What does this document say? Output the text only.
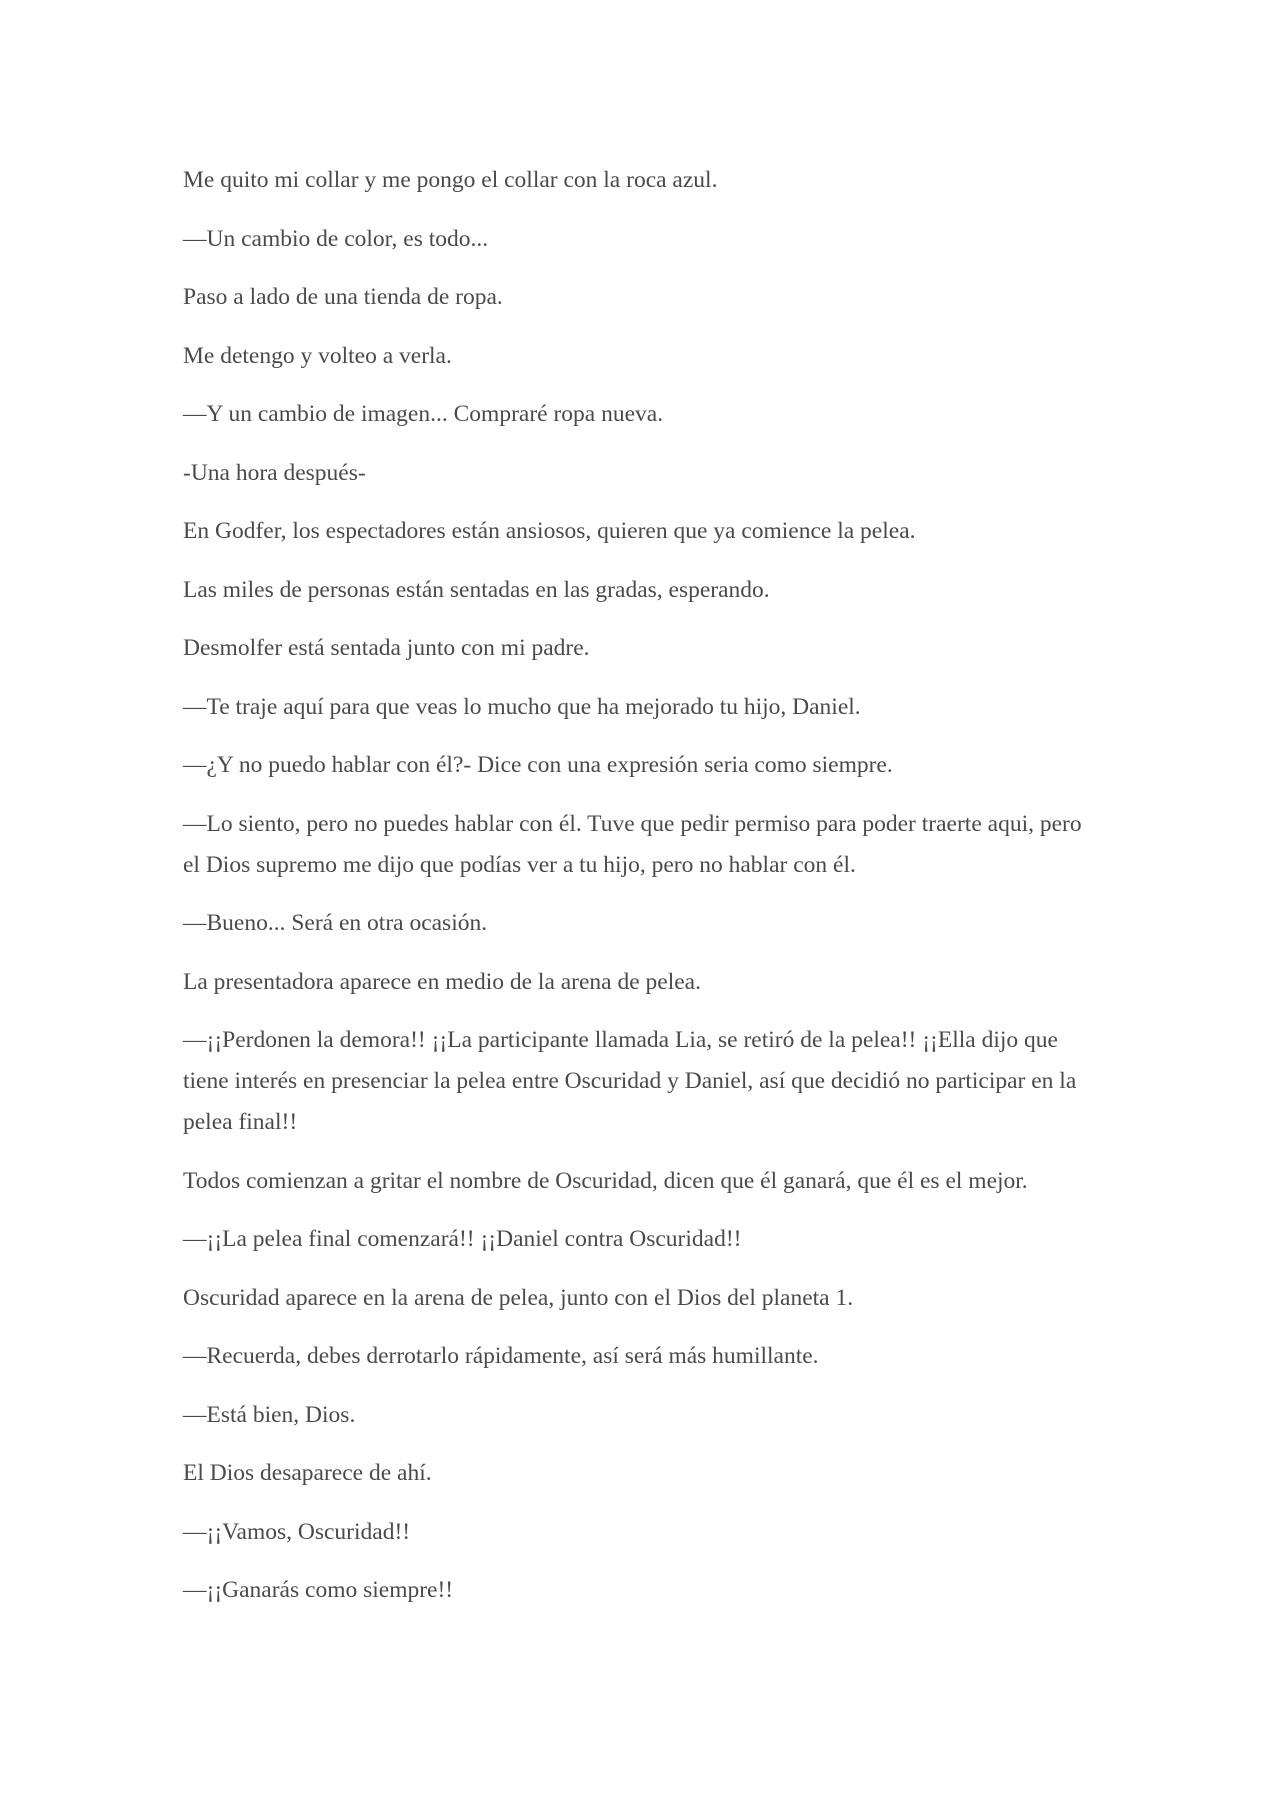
Me quito mi collar y me pongo el collar con la roca azul.

—Un cambio de color, es todo...

Paso a lado de una tienda de ropa.

Me detengo y volteo a verla.

—Y un cambio de imagen... Compraré ropa nueva.

-Una hora después-

En Godfer, los espectadores están ansiosos, quieren que ya comience la pelea.

Las miles de personas están sentadas en las gradas, esperando.

Desmolfer está sentada junto con mi padre.

—Te traje aquí para que veas lo mucho que ha mejorado tu hijo, Daniel.

—¿Y no puedo hablar con él?- Dice con una expresión seria como siempre.

—Lo siento, pero no puedes hablar con él. Tuve que pedir permiso para poder traerte aqui, pero el Dios supremo me dijo que podías ver a tu hijo, pero no hablar con él.

—Bueno... Será en otra ocasión.

La presentadora aparece en medio de la arena de pelea.

—¡¡Perdonen la demora!! ¡¡La participante llamada Lia, se retiró de la pelea!! ¡¡Ella dijo que tiene interés en presenciar la pelea entre Oscuridad y Daniel, así que decidió no participar en la pelea final!!

Todos comienzan a gritar el nombre de Oscuridad, dicen que él ganará, que él es el mejor.

—¡¡La pelea final comenzará!! ¡¡Daniel contra Oscuridad!!

Oscuridad aparece en la arena de pelea, junto con el Dios del planeta 1.

—Recuerda, debes derrotarlo rápidamente, así será más humillante.

—Está bien, Dios.

El Dios desaparece de ahí.

—¡¡Vamos, Oscuridad!!

—¡¡Ganarás como siempre!!
